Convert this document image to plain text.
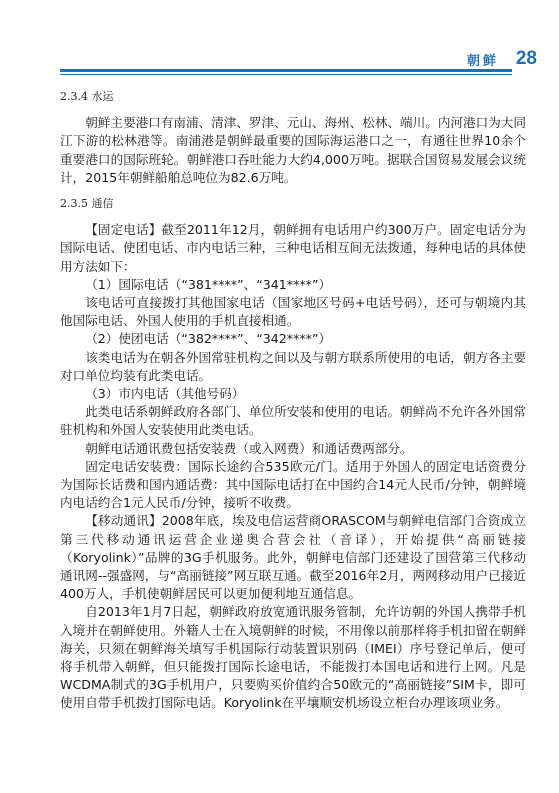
朝鲜 28
2.3.4 水运

朝鲜主要港口有南浦、清津、罗津、元山、海州、松林、端川。内河港口为大同江下游的松林港等。南浦港是朝鲜最重要的国际海运港口之一，有通往世界10余个重要港口的国际班轮。朝鲜港口吞吐能力大约4,000万吨。据联合国贸易发展会议统计，2015年朝鲜船舶总吨位为82.6万吨。

2.3.5 通信

【固定电话】截至2011年12月，朝鲜拥有电话用户约300万户。固定电话分为国际电话、使团电话、市内电话三种，三种电话相互间无法拨通，每种电话的具体使用方法如下：

（1）国际电话（“381****”、“341****”）

该电话可直接拨打其他国家电话（国家地区号码+电话号码），还可与朝境内其他国际电话、外国人使用的手机直接相通。

（2）使团电话（“382****”、“342****”）

该类电话为在朝各外国常驻机构之间以及与朝方联系所使用的电话，朝方各主要对口单位均装有此类电话。

（3）市内电话（其他号码）

此类电话系朝鲜政府各部门、单位所安装和使用的电话。朝鲜尚不允许各外国常驻机构和外国人安装使用此类电话。

朝鲜电话通讯费包括安装费（或入网费）和通话费两部分。

固定电话安装费：国际长途约合535欧元/门。适用于外国人的固定电话资费分为国际长话费和国内通话费：其中国际电话打在中国约合14元人民币/分钟，朝鲜境内电话约合1元人民币/分钟，接听不收费。

【移动通讯】2008年底，埃及电信运营商ORASCOM与朝鲜电信部门合资成立第三代移动通讯运营企业递奥合营会社（音译），开始提供“高丽链接（Koryolink）”品牌的3G手机服务。此外，朝鲜电信部门还建设了国营第三代移动通讯网--强盛网，与“高丽链接”网互联互通。截至2016年2月，两网移动用户已接近400万人，手机使朝鲜居民可以更加便利地互通信息。

自2013年1月7日起，朝鲜政府放宽通讯服务管制，允许访朝的外国人携带手机入境并在朝鲜使用。外籍人士在入境朝鲜的时候，不用像以前那样将手机扣留在朝鲜海关，只须在朝鲜海关填写手机国际行动装置识别码（IMEI）序号登记单后，便可将手机带入朝鲜，但只能拨打国际长途电话，不能拨打本国电话和进行上网。凡是WCDMA制式的3G手机用户，只要购买价值约合50欧元的“高丽链接”SIM卡，即可使用自带手机拨打国际电话。Koryolink在平壤顺安机场设立柜台办理该项业务。
